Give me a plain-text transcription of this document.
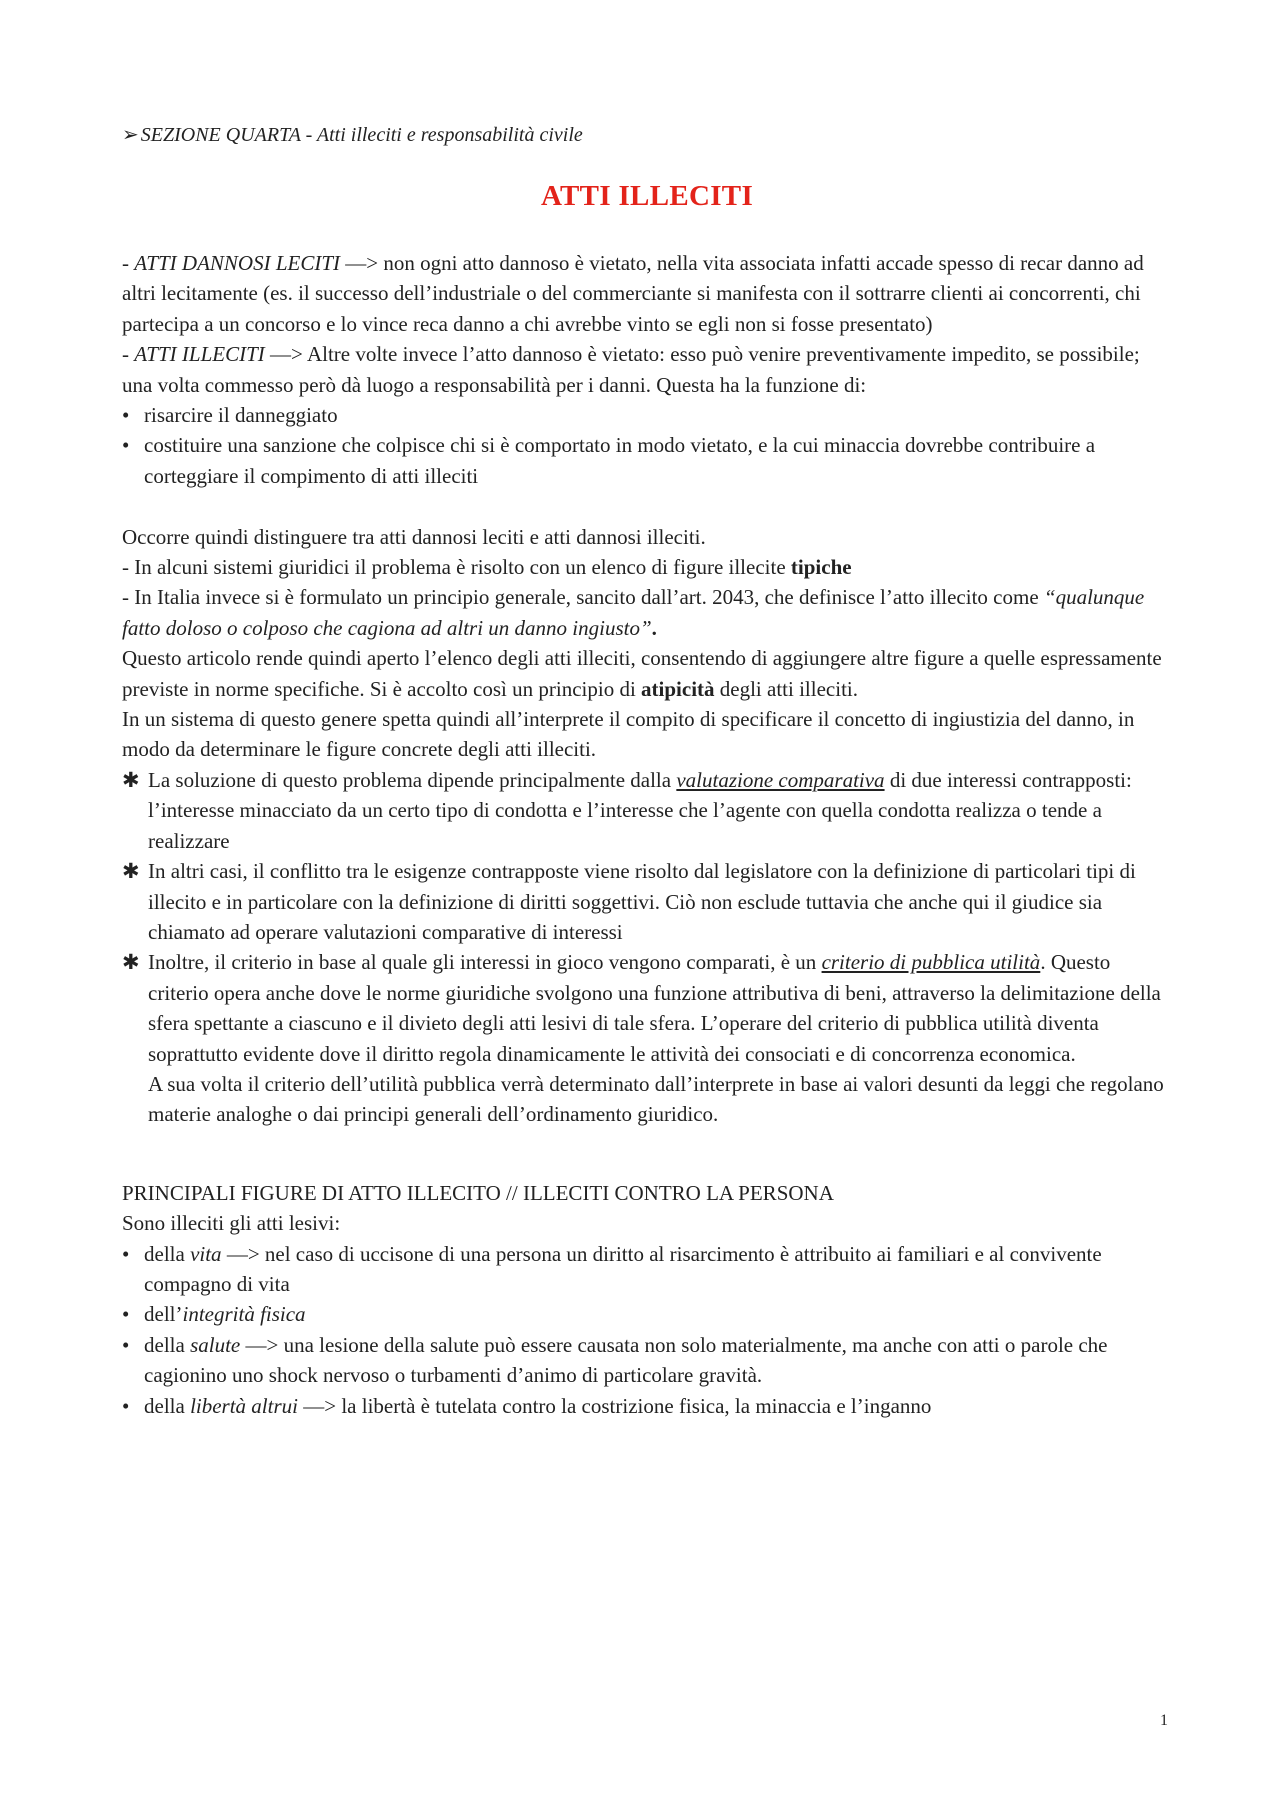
➢ SEZIONE QUARTA - Atti illeciti e responsabilità civile
ATTI ILLECITI

- ATTI DANNOSI LECITI —> non ogni atto dannoso è vietato, nella vita associata infatti accade spesso di recar danno ad altri lecitamente (es. il successo dell’industriale o del commerciante si manifesta con il sottrarre clienti ai concorrenti, chi partecipa a un concorso e lo vince reca danno a chi avrebbe vinto se egli non si fosse presentato)

- ATTI ILLECITI —> Altre volte invece l’atto dannoso è vietato: esso può venire preventivamente impedito, se possibile; una volta commesso però dà luogo a responsabilità per i danni. Questa ha la funzione di:

• risarcire il danneggiato
• costituire una sanzione che colpisce chi si è comportato in modo vietato, e la cui minaccia dovrebbe contribuire a corteggiare il compimento di atti illeciti

Occorre quindi distinguere tra atti dannosi leciti e atti dannosi illeciti.

- In alcuni sistemi giuridici il problema è risolto con un elenco di figure illecite tipiche

- In Italia invece si è formulato un principio generale, sancito dall’art. 2043, che definisce l’atto illecito come “qualunque fatto doloso o colposo che cagiona ad altri un danno ingiusto”.

Questo articolo rende quindi aperto l’elenco degli atti illeciti, consentendo di aggiungere altre figure a quelle espressamente previste in norme specifiche. Si è accolto così un principio di atipicità degli atti illeciti.

In un sistema di questo genere spetta quindi all’interprete il compito di specificare il concetto di ingiustizia del danno, in modo da determinare le figure concrete degli atti illeciti.

✱ La soluzione di questo problema dipende principalmente dalla valutazione comparativa di due interessi contrapposti: l’interesse minacciato da un certo tipo di condotta e l’interesse che l’agente con quella condotta realizza o tende a realizzare
✱ In altri casi, il conflitto tra le esigenze contrapposte viene risolto dal legislatore con la definizione di particolari tipi di illecito e in particolare con la definizione di diritti soggettivi. Ciò non esclude tuttavia che anche qui il giudice sia chiamato ad operare valutazioni comparative di interessi
✱ Inoltre, il criterio in base al quale gli interessi in gioco vengono comparati, è un criterio di pubblica utilità. Questo criterio opera anche dove le norme giuridiche svolgono una funzione attributiva di beni, attraverso la delimitazione della sfera spettante a ciascuno e il divieto degli atti lesivi di tale sfera. L’operare del criterio di pubblica utilità diventa soprattutto evidente dove il diritto regola dinamicamente le attività dei consociati e di concorrenza economica.
A sua volta il criterio dell’utilità pubblica verrà determinato dall’interprete in base ai valori desunti da leggi che regolano materie analoghe o dai principi generali dell’ordinamento giuridico.

PRINCIPALI FIGURE DI ATTO ILLECITO // ILLECITI CONTRO LA PERSONA

Sono illeciti gli atti lesivi:

• della vita —> nel caso di uccisone di una persona un diritto al risarcimento è attribuito ai familiari e al convivente compagno di vita
• dell’integrità fisica
• della salute —> una lesione della salute può essere causata non solo materialmente, ma anche con atti o parole che cagionino uno shock nervoso o turbamenti d’animo di particolare gravità.
• della libertà altrui —> la libertà è tutelata contro la costrizione fisica, la minaccia e l’inganno
1
